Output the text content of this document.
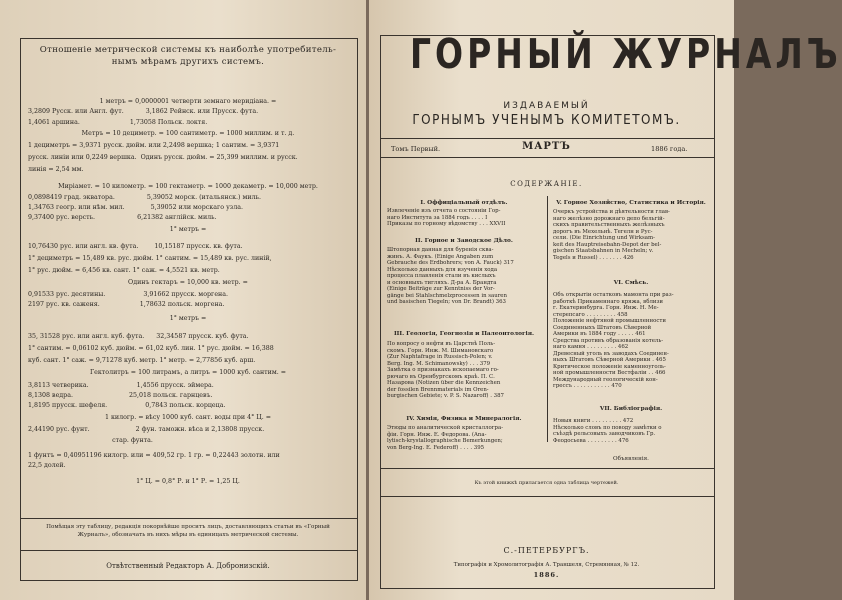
Отношеніе метрической системы къ наиболѣе употребитель-
нымъ мѣрамъ другихъ системъ.
1 метръ = 0,0000001 четверти земнаго меридіана. =
3,2809 Русск. или Англ. фут.           3,1862 Рейнск. или Прусск. фута.
1,4061 аршина.                         1,73058 Польск. локтя.
Метръ = 10 дециметр. = 100 сантиметр. = 1000 миллим. и т. д.
1 дециметръ = 3,9371 русск. дюйм. или 2,2498 вершка; 1 сантим. = 3,9371
русск. линіи или 0,2249 вершка.  Одинъ русск. дюйм. = 25,399 миллим. и русск.
линія = 2,54 мм.
Миріамет. = 10 километр. = 100 гектаметр. = 1000 декаметр. = 10,000 метр.
0,0898419 град. экватора.                5,39052 морск. (итальянск.) миль.
1,34763 геогр. или нѣм. мил.             5,39052 или морскаго узла.
9,37400 рус. версть.                     6,21382 англійск. миль.
1° метръ =
10,76430 рус. или англ. кв. фута.        10,15187 прусск. кв. фута.
1° дециметръ = 15,489 кв. рус. дюйм. 1° сантим. = 15,489 кв. рус. линій,
1° рус. дюйм. = 6,456 кв. сант. 1° саж. = 4,5521 кв. метр.
Одинъ гектаръ = 10,000 кв. метр. =
0,91533 рус. десятины.                   3,91662 прусск. моргена.
2197 рус. кв. саженя.                    1,78632 польск. моргена.
1° метръ =
35, 31528 рус. или англ. куб. фута.      32,34587 прусск. куб. фута.
1° сантим. = 0,06102 куб. дюйм. = 61,02 куб. лин. 1° рус. дюйм. = 16,388
куб. сант. 1° саж. = 9,71278 куб. метр. 1° метр. = 2,77856 куб. арш.
Гектолитръ = 100 литрамъ, а литръ = 1000 куб. сантим. =
3,8113 четверика.                        1,4556 прусск. эймера.
8,1308 ведра.                            25,018 польск. гарнцевъ.
1,8195 прусск. шефеля.                   0,7843 польск. корцеца.
1 килогр. = вѣсу 1000 куб. сант. воды при 4° Ц. =
2,44190 рус. фунт.                       2 фун. таможн. вѣса и 2,13808 прусск.
стар. фунта.
1 фунтъ = 0,40951196 килогр. или = 409,52 гр. 1 гр. = 0,22443 золотн. или
22,5 долей.
1° Ц. = 0,8° Р. и 1° Р. = 1,25 Ц.
Помѣщая эту таблицу, редакція покорнѣйше проситъ лицъ, доставляющихъ статьи въ «Горный
Журналъ», обозначать въ нихъ мѣры въ единицахъ метрической системы.
Отвѣтственный Редакторъ А. Добронизскій.
ГОРНЫЙ ЖУРНАЛЪ
ИЗДАВАЕМЫЙ
ГОРНЫМЪ УЧЕНЫМЪ КОМИТЕТОМЪ.
Томъ Первый.	МАРТЪ	1886 года.
СОДЕРЖАНІЕ.
I. Оффиціальный отдѣлъ.
Извлеченіе изъ отчета о состояніи Гор-
наго Института за 1884 годъ . . . . I
Приказы по горному вѣдомству . . . XXVII
II. Горное и Заводское Дѣло.
Штопорная данная для буренія сква-
жинъ. А. Фаукъ. (Einige Angaben zum
Gebrauche des Erdbohrers; von A. Fauck) 317
Нѣсколько данныхъ для изученія хода
процесса плавленія стали въ кислыхъ
и основныхъ тигляхъ. Д-ра А. Брандта
(Einige Beiträge zur Kenntniss der Vor-
gänge bei Stahlschmelzprocessen in sauren
und basischen Tiegeln; von Dr. Brandt) 363
III. Геологія, Геогнозія и Палеонтологія.
По вопросу о нефти въ Царствѣ Поль-
скомъ. Горн. Инж. М. Шимановскаго
(Zur Naphtafrage in Russisch-Polen; v.
Berg. Ing. M. Schimanowsky) . . . 379
Замѣтка о признакахъ ископаемаго го-
рючаго въ Оренбургскомъ краѣ. П. С.
Назарова (Notizen über die Kennzeichen
der fossilen Brennmaterials im Oren-
burgischen Gebiete; v. P. S. Nazaroff) . 387
IV. Химія, Физика и Минералогія.
Этюды по аналитической кристаллогра-
фіи. Горн. Инж. Е. Федорова. (Ana-
lytisch-krystallographische Bemerkungen;
von Berg-Ing. E. Federoff) . . . . 395
V. Горное Хозяйство, Статистика и Исторія.
Очеркъ устройства и дѣятельности глав-
наго желѣзно дорожнаго депо бельгій-
скихъ правительственныхъ желѣзныхъ
дорогъ въ Мехельнѣ. Тегелн и Рус-
сели. (Die Einrichtung und Wirksam-
keit des Hauptreisebahn-Depot der bel-
gischen Staatsbahnen in Mecheln; v.
Tegels и Russel) . . . . . . . 426
VI. Смѣсь.
Объ открытіи остатковъ мамонта при раз-
работкѣ Прикаменнаго кряжа, вблизи
г. Екатеринбурга. Горн. Инж. Н. Ме-
стерепсаго . . . . . . . . . 458
Положеніе нефтяной промышленности
Соединенныхъ Штатовъ Сѣверной
Америки въ 1884 году . . . . . 461
Средства противъ образованія котель-
наго камня . . . . . . . . . 462
Древесный уголь въ заводахъ Соединен-
ныхъ Штатовъ Сѣверной Америки . 465
Критическое положеніе каменноуголь-
ной промышленности Вестфаліи . . 466
Международный геологическій кон-
грессъ . . . . . . . . . . . 470
VII. Библіографія.
Новыя книги . . . . . . . . . 472
Нѣсколько словъ по поводу замѣтки о
съѣздѣ рельсовыхъ заводчиковъ Гр.
Феодосьева . . . . . . . . . 476
Объявленія.
Къ этой книжкѣ прилагается одна таблица чертежей.
С.-ПЕТЕРБУРГЪ.
Типографія и Хромолитографія А. Траншеля, Стремянная, № 12.
1886.
